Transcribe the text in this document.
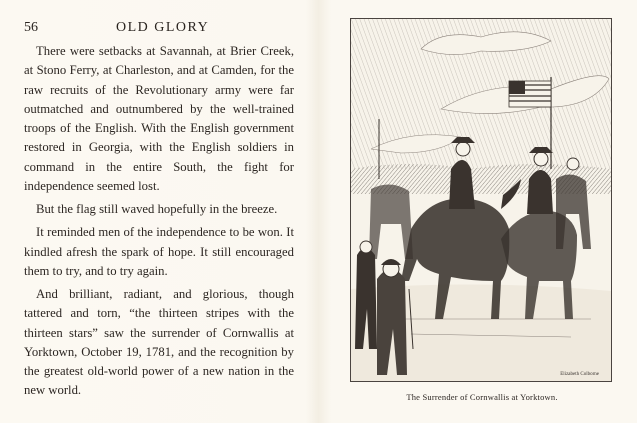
56	OLD GLORY

There were setbacks at Savannah, at Brier Creek, at Stono Ferry, at Charleston, and at Camden, for the raw recruits of the Revolutionary army were far outmatched and outnumbered by the well-trained troops of the English. With the English government restored in Georgia, with the English soldiers in command in the entire South, the fight for independence seemed lost.

But the flag still waved hopefully in the breeze.

It reminded men of the independence to be won. It kindled afresh the spark of hope. It still encouraged them to try, and to try again.

And brilliant, radiant, and glorious, though tattered and torn, “the thirteen stripes with the thirteen stars” saw the surrender of Cornwallis at Yorktown, October 19, 1781, and the recognition by the greatest old-world power of a new nation in the new world.

Elizabeth Colborne
The Surrender of Cornwallis at Yorktown.
